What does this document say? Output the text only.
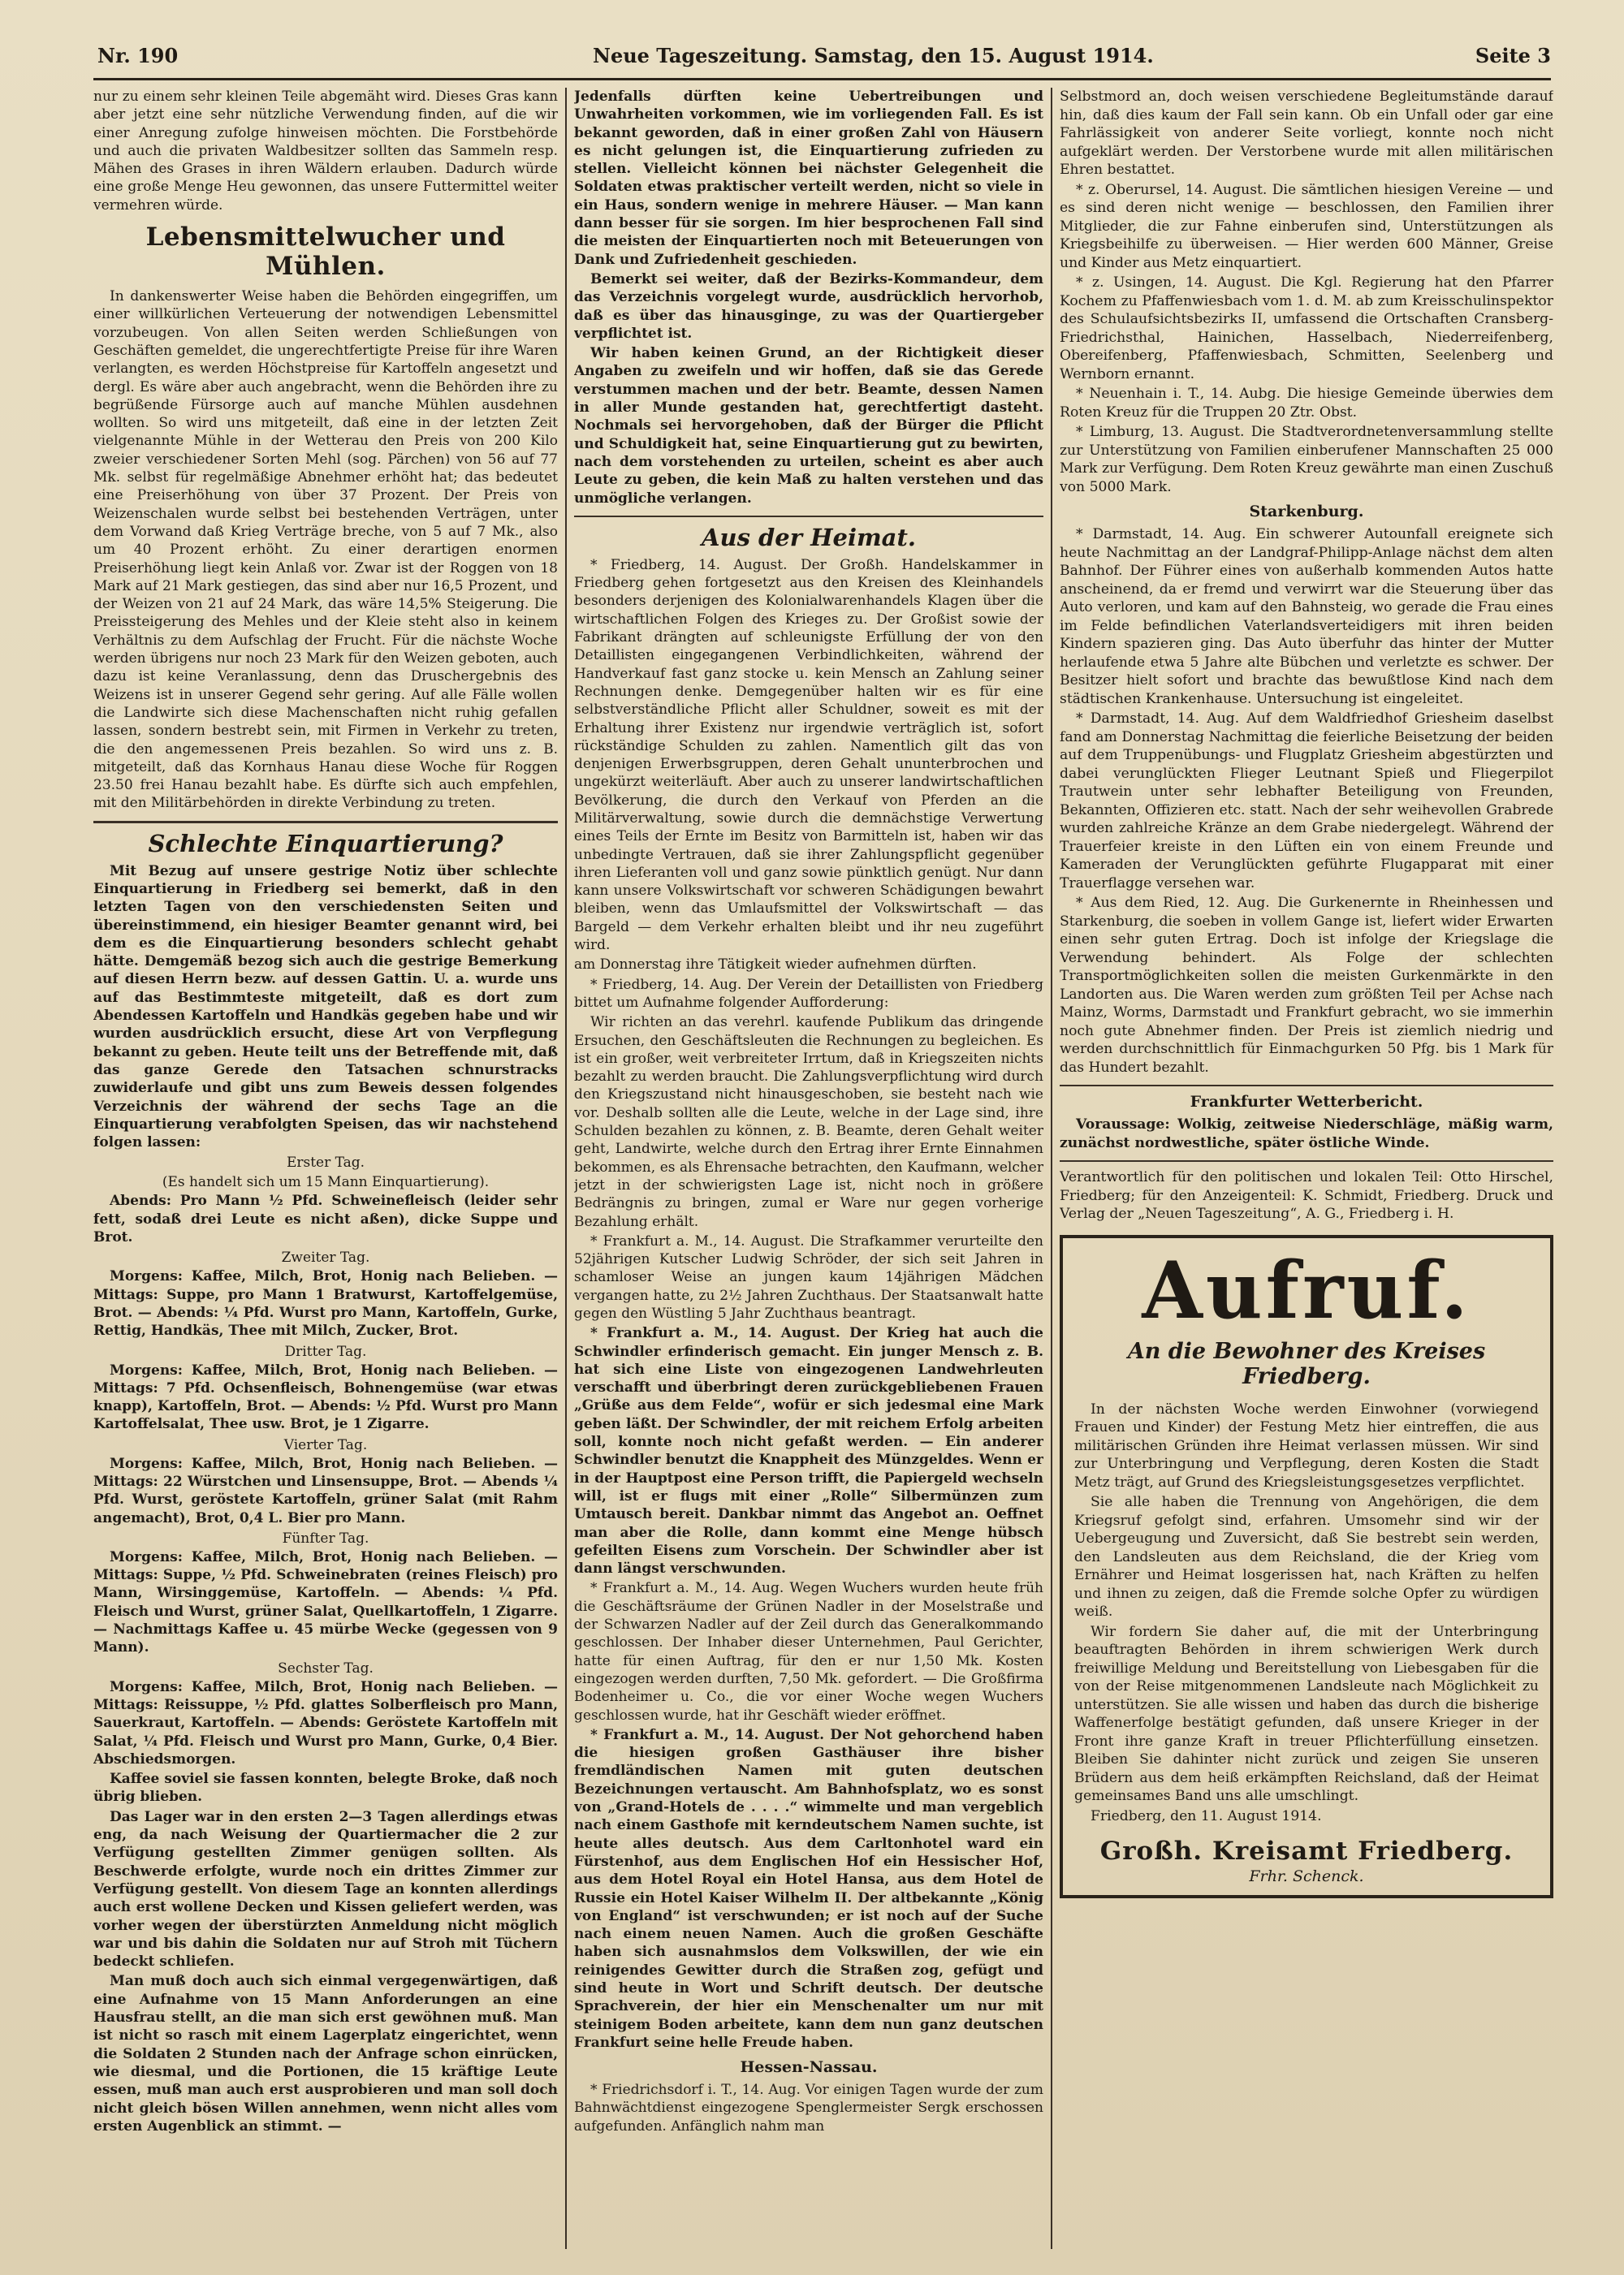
Nr. 190	Neue Tageszeitung. Samstag, den 15. August 1914.	Seite 3

nur zu einem sehr kleinen Teile abgemäht wird. Dieses Gras kann aber jetzt eine sehr nützliche Verwendung finden, auf die wir einer Anregung zufolge hinweisen möchten. Die Forstbehörde und auch die privaten Waldbesitzer sollten das Sammeln resp. Mähen des Grases in ihren Wäldern erlauben. Dadurch würde eine große Menge Heu gewonnen, das unsere Futtermittel weiter vermehren würde.

Lebensmittelwucher und Mühlen.

In dankenswerter Weise haben die Behörden eingegriffen, um einer willkürlichen Verteuerung der notwendigen Lebensmittel vorzubeugen. Von allen Seiten werden Schließungen von Geschäften gemeldet, die ungerechtfertigte Preise für ihre Waren verlangten, es werden Höchstpreise für Kartoffeln angesetzt und dergl. Es wäre aber auch angebracht, wenn die Behörden ihre zu begrüßende Fürsorge auch auf manche Mühlen ausdehnen wollten. So wird uns mitgeteilt, daß eine in der letzten Zeit vielgenannte Mühle in der Wetterau den Preis von 200 Kilo zweier verschiedener Sorten Mehl (sog. Pärchen) von 56 auf 77 Mk. selbst für regelmäßige Abnehmer erhöht hat; das bedeutet eine Preiserhöhung von über 37 Prozent. Der Preis von Weizenschalen wurde selbst bei bestehenden Verträgen, unter dem Vorwand daß Krieg Verträge breche, von 5 auf 7 Mk., also um 40 Prozent erhöht. Zu einer derartigen enormen Preiserhöhung liegt kein Anlaß vor. Zwar ist der Roggen von 18 Mark auf 21 Mark gestiegen, das sind aber nur 16,5 Prozent, und der Weizen von 21 auf 24 Mark, das wäre 14,5% Steigerung. Die Preissteigerung des Mehles und der Kleie steht also in keinem Verhältnis zu dem Aufschlag der Frucht. Für die nächste Woche werden übrigens nur noch 23 Mark für den Weizen geboten, auch dazu ist keine Veranlassung, denn das Druschergebnis des Weizens ist in unserer Gegend sehr gering. Auf alle Fälle wollen die Landwirte sich diese Machenschaften nicht ruhig gefallen lassen, sondern bestrebt sein, mit Firmen in Verkehr zu treten, die den angemessenen Preis bezahlen. So wird uns z. B. mitgeteilt, daß das Kornhaus Hanau diese Woche für Roggen 23.50 frei Hanau bezahlt habe. Es dürfte sich auch empfehlen, mit den Militärbehörden in direkte Verbindung zu treten.

Schlechte Einquartierung?

Mit Bezug auf unsere gestrige Notiz über schlechte Einquartierung in Friedberg sei bemerkt, daß in den letzten Tagen von den verschiedensten Seiten und übereinstimmend, ein hiesiger Beamter genannt wird, bei dem es die Einquartierung besonders schlecht gehabt hätte. Demgemäß bezog sich auch die gestrige Bemerkung auf diesen Herrn bezw. auf dessen Gattin. U. a. wurde uns auf das Bestimmteste mitgeteilt, daß es dort zum Abendessen Kartoffeln und Handkäs gegeben habe und wir wurden ausdrücklich ersucht, diese Art von Verpflegung bekannt zu geben. Heute teilt uns der Betreffende mit, daß das ganze Gerede den Tatsachen schnurstracks zuwiderlaufe und gibt uns zum Beweis dessen folgendes Verzeichnis der während der sechs Tage an die Einquartierung verabfolgten Speisen, das wir nachstehend folgen lassen:

Erster Tag.
(Es handelt sich um 15 Mann Einquartierung).

Abends: Pro Mann ½ Pfd. Schweinefleisch (leider sehr fett, sodaß drei Leute es nicht aßen), dicke Suppe und Brot.

Zweiter Tag.

Morgens: Kaffee, Milch, Brot, Honig nach Belieben. — Mittags: Suppe, pro Mann 1 Bratwurst, Kartoffelgemüse, Brot. — Abends: ¼ Pfd. Wurst pro Mann, Kartoffeln, Gurke, Rettig, Handkäs, Thee mit Milch, Zucker, Brot.

Dritter Tag.

Morgens: Kaffee, Milch, Brot, Honig nach Belieben. — Mittags: 7 Pfd. Ochsenfleisch, Bohnengemüse (war etwas knapp), Kartoffeln, Brot. — Abends: ½ Pfd. Wurst pro Mann Kartoffelsalat, Thee usw. Brot, je 1 Zigarre.

Vierter Tag.

Morgens: Kaffee, Milch, Brot, Honig nach Belieben. — Mittags: 22 Würstchen und Linsensuppe, Brot. — Abends ¼ Pfd. Wurst, geröstete Kartoffeln, grüner Salat (mit Rahm angemacht), Brot, 0,4 L. Bier pro Mann.

Fünfter Tag.

Morgens: Kaffee, Milch, Brot, Honig nach Belieben. — Mittags: Suppe, ½ Pfd. Schweinebraten (reines Fleisch) pro Mann, Wirsinggemüse, Kartoffeln. — Abends: ¼ Pfd. Fleisch und Wurst, grüner Salat, Quellkartoffeln, 1 Zigarre. — Nachmittags Kaffee u. 45 mürbe Wecke (gegessen von 9 Mann).

Sechster Tag.

Morgens: Kaffee, Milch, Brot, Honig nach Belieben. — Mittags: Reissuppe, ½ Pfd. glattes Solberfleisch pro Mann, Sauerkraut, Kartoffeln. — Abends: Geröstete Kartoffeln mit Salat, ¼ Pfd. Fleisch und Wurst pro Mann, Gurke, 0,4 Bier. Abschiedsmorgen.

Kaffee soviel sie fassen konnten, belegte Broke, daß noch übrig blieben.

Das Lager war in den ersten 2—3 Tagen allerdings etwas eng, da nach Weisung der Quartiermacher die 2 zur Verfügung gestellten Zimmer genügen sollten. Als Beschwerde erfolgte, wurde noch ein drittes Zimmer zur Verfügung gestellt. Von diesem Tage an konnten allerdings auch erst wollene Decken und Kissen geliefert werden, was vorher wegen der überstürzten Anmeldung nicht möglich war und bis dahin die Soldaten nur auf Stroh mit Tüchern bedeckt schliefen.

Man muß doch auch sich einmal vergegenwärtigen, daß eine Aufnahme von 15 Mann Anforderungen an eine Hausfrau stellt, an die man sich erst gewöhnen muß. Man ist nicht so rasch mit einem Lagerplatz eingerichtet, wenn die Soldaten 2 Stunden nach der Anfrage schon einrücken, wie diesmal, und die Portionen, die 15 kräftige Leute essen, muß man auch erst ausprobieren und man soll doch nicht gleich bösen Willen annehmen, wenn nicht alles vom ersten Augenblick an stimmt. —

Jedenfalls dürften keine Uebertreibungen und Unwahrheiten vorkommen, wie im vorliegenden Fall. Es ist bekannt geworden, daß in einer großen Zahl von Häusern es nicht gelungen ist, die Einquartierung zufrieden zu stellen. Vielleicht können bei nächster Gelegenheit die Soldaten etwas praktischer verteilt werden, nicht so viele in ein Haus, sondern wenige in mehrere Häuser. — Man kann dann besser für sie sorgen. Im hier besprochenen Fall sind die meisten der Einquartierten noch mit Beteuerungen von Dank und Zufriedenheit geschieden.

Bemerkt sei weiter, daß der Bezirks-Kommandeur, dem das Verzeichnis vorgelegt wurde, ausdrücklich hervorhob, daß es über das hinausginge, zu was der Quartiergeber verpflichtet ist.

Wir haben keinen Grund, an der Richtigkeit dieser Angaben zu zweifeln und wir hoffen, daß sie das Gerede verstummen machen und der betr. Beamte, dessen Namen in aller Munde gestanden hat, gerechtfertigt dasteht. Nochmals sei hervorgehoben, daß der Bürger die Pflicht und Schuldigkeit hat, seine Einquartierung gut zu bewirten, nach dem vorstehenden zu urteilen, scheint es aber auch Leute zu geben, die kein Maß zu halten verstehen und das unmögliche verlangen.

Aus der Heimat.

* Friedberg, 14. August. Der Großh. Handelskammer in Friedberg gehen fortgesetzt aus den Kreisen des Kleinhandels besonders derjenigen des Kolonialwarenhandels Klagen über die wirtschaftlichen Folgen des Krieges zu. Der Großist sowie der Fabrikant drängten auf schleunigste Erfüllung der von den Detaillisten eingegangenen Verbindlichkeiten, während der Handverkauf fast ganz stocke u. kein Mensch an Zahlung seiner Rechnungen denke. Demgegenüber halten wir es für eine selbstverständliche Pflicht aller Schuldner, soweit es mit der Erhaltung ihrer Existenz nur irgendwie verträglich ist, sofort rückständige Schulden zu zahlen. Namentlich gilt das von denjenigen Erwerbsgruppen, deren Gehalt ununterbrochen und ungekürzt weiterläuft. Aber auch zu unserer landwirtschaftlichen Bevölkerung, die durch den Verkauf von Pferden an die Militärverwaltung, sowie durch die demnächstige Verwertung eines Teils der Ernte im Besitz von Barmitteln ist, haben wir das unbedingte Vertrauen, daß sie ihrer Zahlungspflicht gegenüber ihren Lieferanten voll und ganz sowie pünktlich genügt. Nur dann kann unsere Volkswirtschaft vor schweren Schädigungen bewahrt bleiben, wenn das Umlaufsmittel der Volkswirtschaft — das Bargeld — dem Verkehr erhalten bleibt und ihr neu zugeführt wird.

am Donnerstag ihre Tätigkeit wieder aufnehmen dürften.

* Friedberg, 14. Aug. Der Verein der Detaillisten von Friedberg bittet um Aufnahme folgender Aufforderung:

Wir richten an das verehrl. kaufende Publikum das dringende Ersuchen, den Geschäftsleuten die Rechnungen zu begleichen. Es ist ein großer, weit verbreiteter Irrtum, daß in Kriegszeiten nichts bezahlt zu werden braucht. Die Zahlungsverpflichtung wird durch den Kriegszustand nicht hinausgeschoben, sie besteht nach wie vor. Deshalb sollten alle die Leute, welche in der Lage sind, ihre Schulden bezahlen zu können, z. B. Beamte, deren Gehalt weiter geht, Landwirte, welche durch den Ertrag ihrer Ernte Einnahmen bekommen, es als Ehrensache betrachten, den Kaufmann, welcher jetzt in der schwierigsten Lage ist, nicht noch in größere Bedrängnis zu bringen, zumal er Ware nur gegen vorherige Bezahlung erhält.

* Frankfurt a. M., 14. August. Die Strafkammer verurteilte den 52jährigen Kutscher Ludwig Schröder, der sich seit Jahren in schamloser Weise an jungen kaum 14jährigen Mädchen vergangen hatte, zu 2½ Jahren Zuchthaus. Der Staatsanwalt hatte gegen den Wüstling 5 Jahr Zuchthaus beantragt.

* Frankfurt a. M., 14. August. Der Krieg hat auch die Schwindler erfinderisch gemacht. Ein junger Mensch z. B. hat sich eine Liste von eingezogenen Landwehrleuten verschafft und überbringt deren zurückgebliebenen Frauen „Grüße aus dem Felde“, wofür er sich jedesmal eine Mark geben läßt. Der Schwindler, der mit reichem Erfolg arbeiten soll, konnte noch nicht gefaßt werden. — Ein anderer Schwindler benutzt die Knappheit des Münzgeldes. Wenn er in der Hauptpost eine Person trifft, die Papiergeld wechseln will, ist er flugs mit einer „Rolle“ Silbermünzen zum Umtausch bereit. Dankbar nimmt das Angebot an. Oeffnet man aber die Rolle, dann kommt eine Menge hübsch gefeilten Eisens zum Vorschein. Der Schwindler aber ist dann längst verschwunden.

* Frankfurt a. M., 14. Aug. Wegen Wuchers wurden heute früh die Geschäftsräume der Grünen Nadler in der Moselstraße und der Schwarzen Nadler auf der Zeil durch das Generalkommando geschlossen. Der Inhaber dieser Unternehmen, Paul Gerichter, hatte für einen Auftrag, für den er nur 1,50 Mk. Kosten eingezogen werden durften, 7,50 Mk. gefordert. — Die Großfirma Bodenheimer u. Co., die vor einer Woche wegen Wuchers geschlossen wurde, hat ihr Geschäft wieder eröffnet.

* Frankfurt a. M., 14. August. Der Not gehorchend haben die hiesigen großen Gasthäuser ihre bisher fremdländischen Namen mit guten deutschen Bezeichnungen vertauscht. Am Bahnhofsplatz, wo es sonst von „Grand-Hotels de . . . .“ wimmelte und man vergeblich nach einem Gasthofe mit kerndeutschem Namen suchte, ist heute alles deutsch. Aus dem Carltonhotel ward ein Fürstenhof, aus dem Englischen Hof ein Hessischer Hof, aus dem Hotel Royal ein Hotel Hansa, aus dem Hotel de Russie ein Hotel Kaiser Wilhelm II. Der altbekannte „König von England“ ist verschwunden; er ist noch auf der Suche nach einem neuen Namen. Auch die großen Geschäfte haben sich ausnahmslos dem Volkswillen, der wie ein reinigendes Gewitter durch die Straßen zog, gefügt und sind heute in Wort und Schrift deutsch. Der deutsche Sprachverein, der hier ein Menschenalter um nur mit steinigem Boden arbeitete, kann dem nun ganz deutschen Frankfurt seine helle Freude haben.

Hessen-Nassau.

* Friedrichsdorf i. T., 14. Aug. Vor einigen Tagen wurde der zum Bahnwächtdienst eingezogene Spenglermeister Sergk erschossen aufgefunden. Anfänglich nahm man

Selbstmord an, doch weisen verschiedene Begleitumstände darauf hin, daß dies kaum der Fall sein kann. Ob ein Unfall oder gar eine Fahrlässigkeit von anderer Seite vorliegt, konnte noch nicht aufgeklärt werden. Der Verstorbene wurde mit allen militärischen Ehren bestattet.

* z. Oberursel, 14. August. Die sämtlichen hiesigen Vereine — und es sind deren nicht wenige — beschlossen, den Familien ihrer Mitglieder, die zur Fahne einberufen sind, Unterstützungen als Kriegsbeihilfe zu überweisen. — Hier werden 600 Männer, Greise und Kinder aus Metz einquartiert.

* z. Usingen, 14. August. Die Kgl. Regierung hat den Pfarrer Kochem zu Pfaffenwiesbach vom 1. d. M. ab zum Kreisschulinspektor des Schulaufsichtsbezirks II, umfassend die Ortschaften Cransberg-Friedrichsthal, Hainichen, Hasselbach, Niederreifenberg, Obereifenberg, Pfaffenwiesbach, Schmitten, Seelenberg und Wernborn ernannt.

* Neuenhain i. T., 14. Aubg. Die hiesige Gemeinde überwies dem Roten Kreuz für die Truppen 20 Ztr. Obst.

* Limburg, 13. August. Die Stadtverordnetenversammlung stellte zur Unterstützung von Familien einberufener Mannschaften 25 000 Mark zur Verfügung. Dem Roten Kreuz gewährte man einen Zuschuß von 5000 Mark.

Starkenburg.

* Darmstadt, 14. Aug. Ein schwerer Autounfall ereignete sich heute Nachmittag an der Landgraf-Philipp-Anlage nächst dem alten Bahnhof. Der Führer eines von außerhalb kommenden Autos hatte anscheinend, da er fremd und verwirrt war die Steuerung über das Auto verloren, und kam auf den Bahnsteig, wo gerade die Frau eines im Felde befindlichen Vaterlandsverteidigers mit ihren beiden Kindern spazieren ging. Das Auto überfuhr das hinter der Mutter herlaufende etwa 5 Jahre alte Bübchen und verletzte es schwer. Der Besitzer hielt sofort und brachte das bewußtlose Kind nach dem städtischen Krankenhause. Untersuchung ist eingeleitet.

* Darmstadt, 14. Aug. Auf dem Waldfriedhof Griesheim daselbst fand am Donnerstag Nachmittag die feierliche Beisetzung der beiden auf dem Truppenübungs- und Flugplatz Griesheim abgestürzten und dabei verunglückten Flieger Leutnant Spieß und Fliegerpilot Trautwein unter sehr lebhafter Beteiligung von Freunden, Bekannten, Offizieren etc. statt. Nach der sehr weihevollen Grabrede wurden zahlreiche Kränze an dem Grabe niedergelegt. Während der Trauerfeier kreiste in den Lüften ein von einem Freunde und Kameraden der Verunglückten geführte Flugapparat mit einer Trauerflagge versehen war.

* Aus dem Ried, 12. Aug. Die Gurkenernte in Rheinhessen und Starkenburg, die soeben in vollem Gange ist, liefert wider Erwarten einen sehr guten Ertrag. Doch ist infolge der Kriegslage die Verwendung behindert. Als Folge der schlechten Transportmöglichkeiten sollen die meisten Gurkenmärkte in den Landorten aus. Die Waren werden zum größten Teil per Achse nach Mainz, Worms, Darmstadt und Frankfurt gebracht, wo sie immerhin noch gute Abnehmer finden. Der Preis ist ziemlich niedrig und werden durchschnittlich für Einmachgurken 50 Pfg. bis 1 Mark für das Hundert bezahlt.

Frankfurter Wetterbericht.

Voraussage: Wolkig, zeitweise Niederschläge, mäßig warm, zunächst nordwestliche, später östliche Winde.

Verantwortlich für den politischen und lokalen Teil: Otto Hirschel, Friedberg; für den Anzeigenteil: K. Schmidt, Friedberg. Druck und Verlag der „Neuen Tageszeitung“, A. G., Friedberg i. H.

Aufruf.
An die Bewohner des Kreises Friedberg.

In der nächsten Woche werden Einwohner (vorwiegend Frauen und Kinder) der Festung Metz hier eintreffen, die aus militärischen Gründen ihre Heimat verlassen müssen. Wir sind zur Unterbringung und Verpflegung, deren Kosten die Stadt Metz trägt, auf Grund des Kriegsleistungsgesetzes verpflichtet.

Sie alle haben die Trennung von Angehörigen, die dem Kriegsruf gefolgt sind, erfahren. Umsomehr sind wir der Uebergeugung und Zuversicht, daß Sie bestrebt sein werden, den Landsleuten aus dem Reichsland, die der Krieg vom Ernährer und Heimat losgerissen hat, nach Kräften zu helfen und ihnen zu zeigen, daß die Fremde solche Opfer zu würdigen weiß.

Wir fordern Sie daher auf, die mit der Unterbringung beauftragten Behörden in ihrem schwierigen Werk durch freiwillige Meldung und Bereitstellung von Liebesgaben für die von der Reise mitgenommenen Landsleute nach Möglichkeit zu unterstützen. Sie alle wissen und haben das durch die bisherige Waffenerfolge bestätigt gefunden, daß unsere Krieger in der Front ihre ganze Kraft in treuer Pflichterfüllung einsetzen. Bleiben Sie dahinter nicht zurück und zeigen Sie unseren Brüdern aus dem heiß erkämpften Reichsland, daß der Heimat gemeinsames Band uns alle umschlingt.

Friedberg, den 11. August 1914.

Großh. Kreisamt Friedberg.
Frhr. Schenck.
